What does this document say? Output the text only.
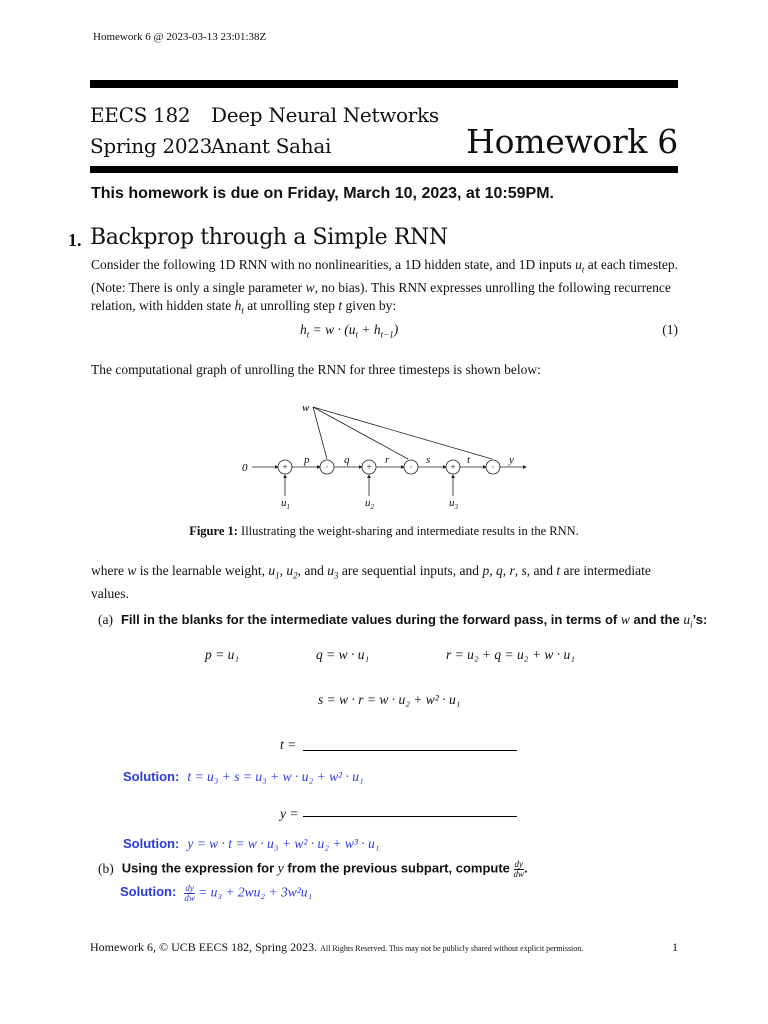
Homework 6 @ 2023-03-13 23:01:38Z
EECS 182 Deep Neural Networks
Spring 2023
Anant Sahai	Homework 6
This homework is due on Friday, March 10, 2023, at 10:59PM.
1. Backprop through a Simple RNN
Consider the following 1D RNN with no nonlinearities, a 1D hidden state, and 1D inputs $u_t$ at each timestep. (Note: There is only a single parameter w, no bias). This RNN expresses unrolling the following recurrence relation, with hidden state $h_t$ at unrolling step t given by:
$h_t = w \cdot (u_t + h_{t-1})$	(1)
The computational graph of unrolling the RNN for three timesteps is shown below:
w
0	+	·	+	·	+	·
p	q	r	s	t	y
$u_1$	$u_2$	$u_3$
Figure 1: Illustrating the weight-sharing and intermediate results in the RNN.
where w is the learnable weight, $u_1$, $u_2$, and $u_3$ are sequential inputs, and p, q, r, s, and t are intermediate values.
(a) Fill in the blanks for the intermediate values during the forward pass, in terms of w and the $u_i’s$:
p = u₁	q = w · u₁	r = u₂ + q = u₂ + w · u₁
s = w · r = w · u₂ + w² · u₁
t =
Solution: t = u₃ + s = u₃ + w · u₂ + w² · u₁
y =
Solution: y = w · t = w · u₃ + w² · u₂ + w³ · u₁
(b) Using the expression for y from the previous subpart, compute $\frac{dy}{dw}$ .
Solution: $\frac{dy}{dw} = u_3 + 2wu_2 + 3w^2u_1$
Homework 6, © UCB EECS 182, Spring 2023. All Rights Reserved. This may not be publicly shared without explicit permission.	1
